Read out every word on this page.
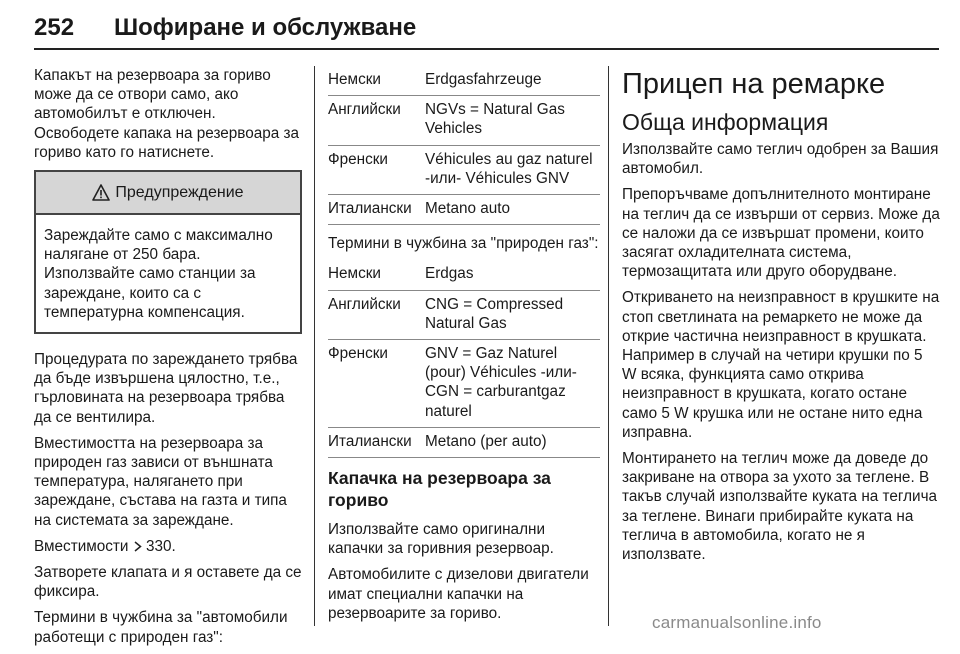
252 Шофиране и обслужване

Капакът на резервоара за гориво може да се отвори само, ако автомобилът е отключен. Освободете капака на резервоара за гориво като го натиснете.

Предупреждение
Зареждайте само с максимално налягане от 250 бара. Използвайте само станции за зареждане, които са с температурна компенсация.

Процедурата по зареждането трябва да бъде извършена цялостно, т.е., гърловината на резервоара трябва да се вентилира.

Вместимостта на резервоара за природен газ зависи от външната температура, налягането при зареждане, състава на газта и типа на системата за зареждане.

Вместимости 330.

Затворете клапата и я оставете да се фиксира.

Термини в чужбина за "автомобили работещи с природен газ":

Немски	Erdgasfahrzeuge
Английски	NGVs = Natural Gas Vehicles
Френски	Véhicules au gaz naturel -или- Véhicules GNV
Италиански	Metano auto

Термини в чужбина за "природен газ":

Немски	Erdgas
Английски	CNG = Compressed Natural Gas
Френски	GNV = Gaz Naturel (pour) Véhicules -или- CGN = carburantgaz naturel
Италиански	Metano (per auto)
Капачка на резервоара за гориво

Използвайте само оригинални капачки за горивния резервоар.

Автомобилите с дизелови двигатели имат специални капачки на резервоарите за гориво.

Прицеп на ремарке
Обща информация

Използвайте само теглич одобрен за Вашия автомобил.

Препоръчваме допълнителното монтиране на теглич да се извърши от сервиз. Може да се наложи да се извършат промени, които засягат охладителната система, термозащитата или друго оборудване.

Откриването на неизправност в крушките на стоп светлината на ремаркето не може да открие частична неизправност в крушката. Например в случай на четири крушки по 5 W всяка, функцията само открива неизправност в крушката, когато остане само 5 W крушка или не остане нито една изправна.

Монтирането на теглич може да доведе до закриване на отвора за ухото за теглене. В такъв случай използвайте куката на теглича за теглене. Винаги прибирайте куката на теглича в автомобила, когато не я използвате.

carmanualsonline.info
